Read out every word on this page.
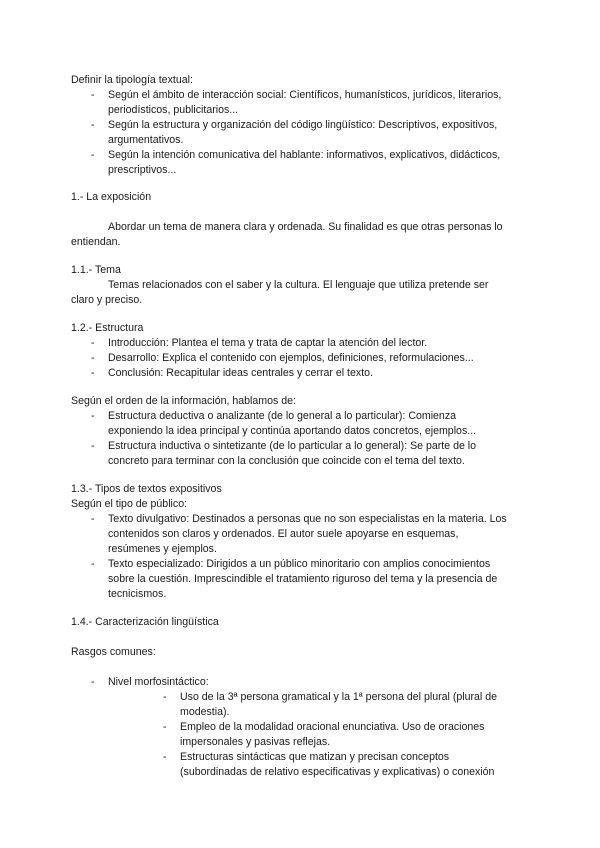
Definir la tipología textual:
- Según el ámbito de interacción social: Científicos, humanísticos, jurídicos, literarios,
periodísticos, publicitarios...
- Según la estructura y organización del código lingüístico: Descriptivos, expositivos,
argumentativos.
- Según la intención comunicativa del hablante: informativos, explicativos, didácticos,
prescriptivos...
1.- La exposición
Abordar un tema de manera clara y ordenada. Su finalidad es que otras personas lo
entiendan.
1.1.- Tema
Temas relacionados con el saber y la cultura. El lenguaje que utiliza pretende ser
claro y preciso.
1.2.- Estructura
- Introducción: Plantea el tema y trata de captar la atención del lector.
- Desarrollo: Explica el contenido con ejemplos, definiciones, reformulaciones...
- Conclusión: Recapitular ideas centrales y cerrar el texto.
Según el orden de la información, hablamos de:
- Estructura deductiva o analizante (de lo general a lo particular): Comienza
exponiendo la idea principal y continúa aportando datos concretos, ejemplos...
- Estructura inductiva o sintetizante (de lo particular a lo general): Se parte de lo
concreto para terminar con la conclusión que coincide con el tema del texto.
1.3.- Tipos de textos expositivos
Según el tipo de público:
- Texto divulgativo: Destinados a personas que no son especialistas en la materia. Los
contenidos son claros y ordenados. El autor suele apoyarse en esquemas,
resúmenes y ejemplos.
- Texto especializado: Dirigidos a un público minoritario con amplios conocimientos
sobre la cuestión. Imprescindible el tratamiento riguroso del tema y la presencia de
tecnicismos.
1.4.- Caracterización lingüística
Rasgos comunes:
- Nivel morfosintáctico:
- Uso de la 3ª persona gramatical y la 1ª persona del plural (plural de
modestia).
- Empleo de la modalidad oracional enunciativa. Uso de oraciones
impersonales y pasivas reflejas.
- Estructuras sintácticas que matizan y precisan conceptos
(subordinadas de relativo especificativas y explicativas) o conexión
